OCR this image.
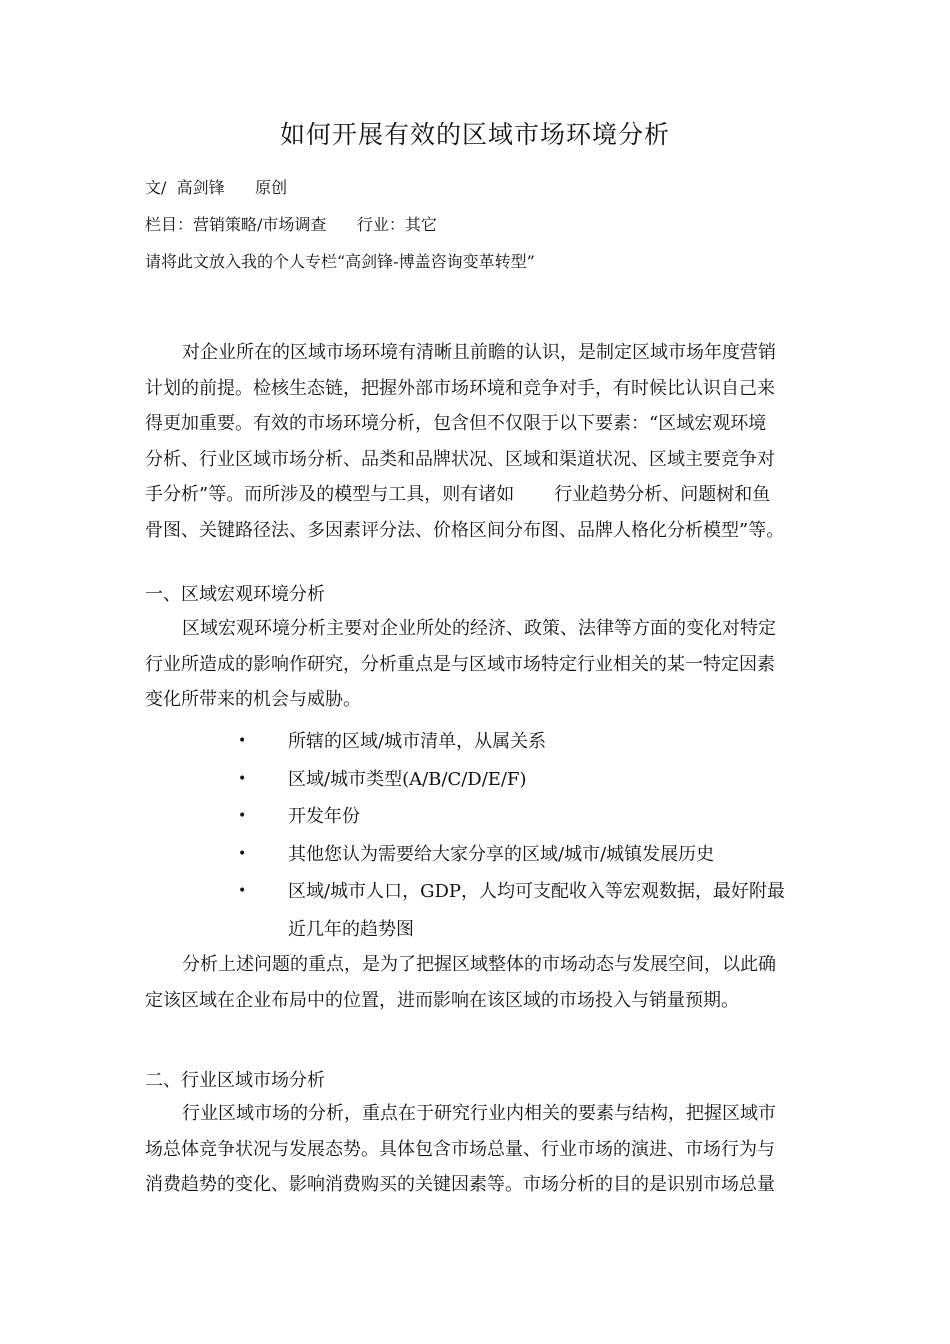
如何开展有效的区域市场环境分析
文/  高剑锋      原创
栏目：营销策略/市场调查      行业：其它
请将此文放入我的个人专栏“高剑锋-博盖咨询变革转型”
对企业所在的区域市场环境有清晰且前瞻的认识，是制定区域市场年度营销
计划的前提。检核生态链，把握外部市场环境和竞争对手，有时候比认识自己来
得更加重要。有效的市场环境分析，包含但不仅限于以下要素：“区域宏观环境
分析、行业区域市场分析、品类和品牌状况、区域和渠道状况、区域主要竞争对
手分析”等。而所涉及的模型与工具，则有诸如       行业趋势分析、问题树和鱼
骨图、关键路径法、多因素评分法、价格区间分布图、品牌人格化分析模型”等。
一、区域宏观环境分析
区域宏观环境分析主要对企业所处的经济、政策、法律等方面的变化对特定
行业所造成的影响作研究，分析重点是与区域市场特定行业相关的某一特定因素
变化所带来的机会与威胁。
• 所辖的区域/城市清单，从属关系
• 区域/城市类型(A/B/C/D/E/F)
• 开发年份
• 其他您认为需要给大家分享的区域/城市/城镇发展历史
• 区域/城市人口，GDP，人均可支配收入等宏观数据，最好附最
近几年的趋势图
分析上述问题的重点，是为了把握区域整体的市场动态与发展空间，以此确
定该区域在企业布局中的位置，进而影响在该区域的市场投入与销量预期。
二、行业区域市场分析
行业区域市场的分析，重点在于研究行业内相关的要素与结构，把握区域市
场总体竞争状况与发展态势。具体包含市场总量、行业市场的演进、市场行为与
消费趋势的变化、影响消费购买的关键因素等。市场分析的目的是识别市场总量
